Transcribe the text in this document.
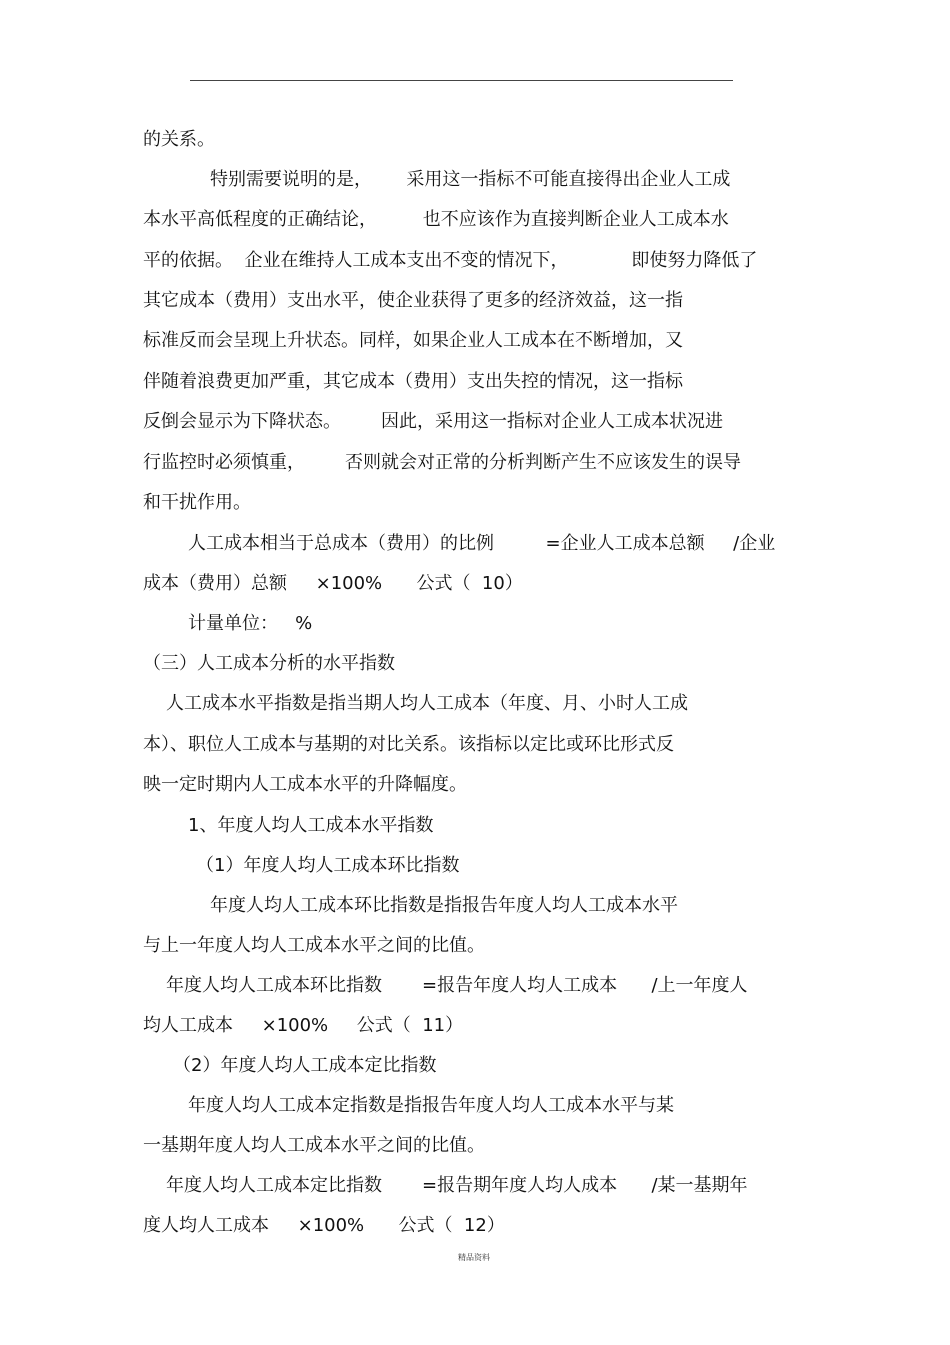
的关系。
特别需要说明的是，      采用这一指标不可能直接得出企业人工成
本水平高低程度的正确结论，        也不应该作为直接判断企业人工成本水
平的依据。  企业在维持人工成本支出不变的情况下，           即使努力降低了
其它成本（费用）支出水平，使企业获得了更多的经济效益，这一指
标准反而会呈现上升状态。同样，如果企业人工成本在不断增加，又
伴随着浪费更加严重，其它成本（费用）支出失控的情况，这一指标
反倒会显示为下降状态。       因此，采用这一指标对企业人工成本状况进
行监控时必须慎重，       否则就会对正常的分析判断产生不应该发生的误导
和干扰作用。
人工成本相当于总成本（费用）的比例         =企业人工成本总额     /企业
成本（费用）总额     ×100%      公式（  10）
计量单位：   %
（三）人工成本分析的水平指数
人工成本水平指数是指当期人均人工成本（年度、月、小时人工成
本）、职位人工成本与基期的对比关系。该指标以定比或环比形式反
映一定时期内人工成本水平的升降幅度。
1、年度人均人工成本水平指数
（1）年度人均人工成本环比指数
年度人均人工成本环比指数是指报告年度人均人工成本水平
与上一年度人均人工成本水平之间的比值。
年度人均人工成本环比指数       =报告年度人均人工成本      /上一年度人
均人工成本     ×100%     公式（  11）
（2）年度人均人工成本定比指数
年度人均人工成本定指数是指报告年度人均人工成本水平与某
一基期年度人均人工成本水平之间的比值。
年度人均人工成本定比指数       =报告期年度人均人成本      /某一基期年
度人均人工成本     ×100%      公式（  12）
精品资料
